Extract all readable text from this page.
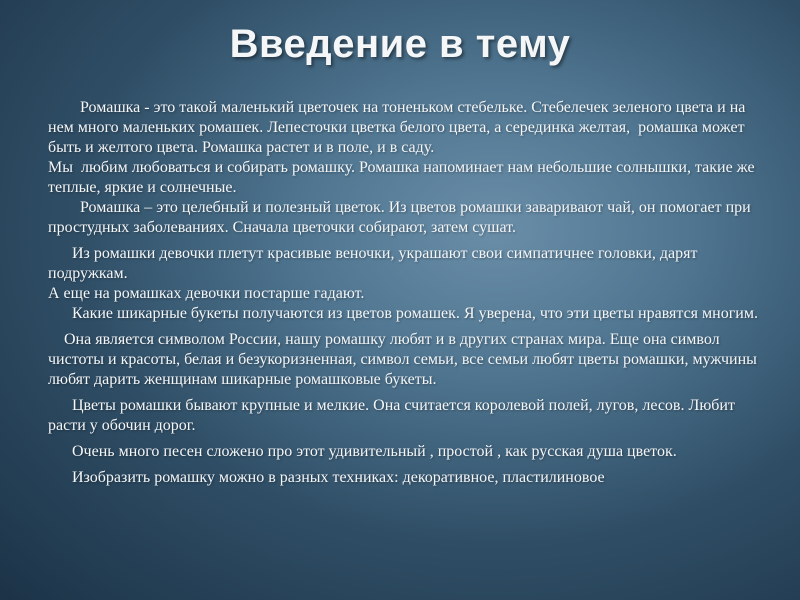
Введение в тему

Ромашка - это такой маленький цветочек на тоненьком стебельке. Стебелечек зеленого цвета и на нем много маленьких ромашек. Лепесточки цветка белого цвета, а серединка желтая,  ромашка может быть и желтого цвета. Ромашка растет и в поле, и в саду.

Мы  любим любоваться и собирать ромашку. Ромашка напоминает нам небольшие солнышки, такие же теплые, яркие и солнечные.

Ромашка – это целебный и полезный цветок. Из цветов ромашки заваривают чай, он помогает при простудных заболеваниях. Сначала цветочки собирают, затем сушат.

Из ромашки девочки плетут красивые веночки, украшают свои симпатичнее головки, дарят подружкам.

А еще на ромашках девочки постарше гадают.

Какие шикарные букеты получаются из цветов ромашек. Я уверена, что эти цветы нравятся многим.

Она является символом России, нашу ромашку любят и в других странах мира. Еще она символ чистоты и красоты, белая и безукоризненная, символ семьи, все семьи любят цветы ромашки, мужчины любят дарить женщинам шикарные ромашковые букеты.

Цветы ромашки бывают крупные и мелкие. Она считается королевой полей, лугов, лесов. Любит расти у обочин дорог.

Очень много песен сложено про этот удивительный , простой , как русская душа цветок.

Изобразить ромашку можно в разных техниках: декоративное, пластилиновое
